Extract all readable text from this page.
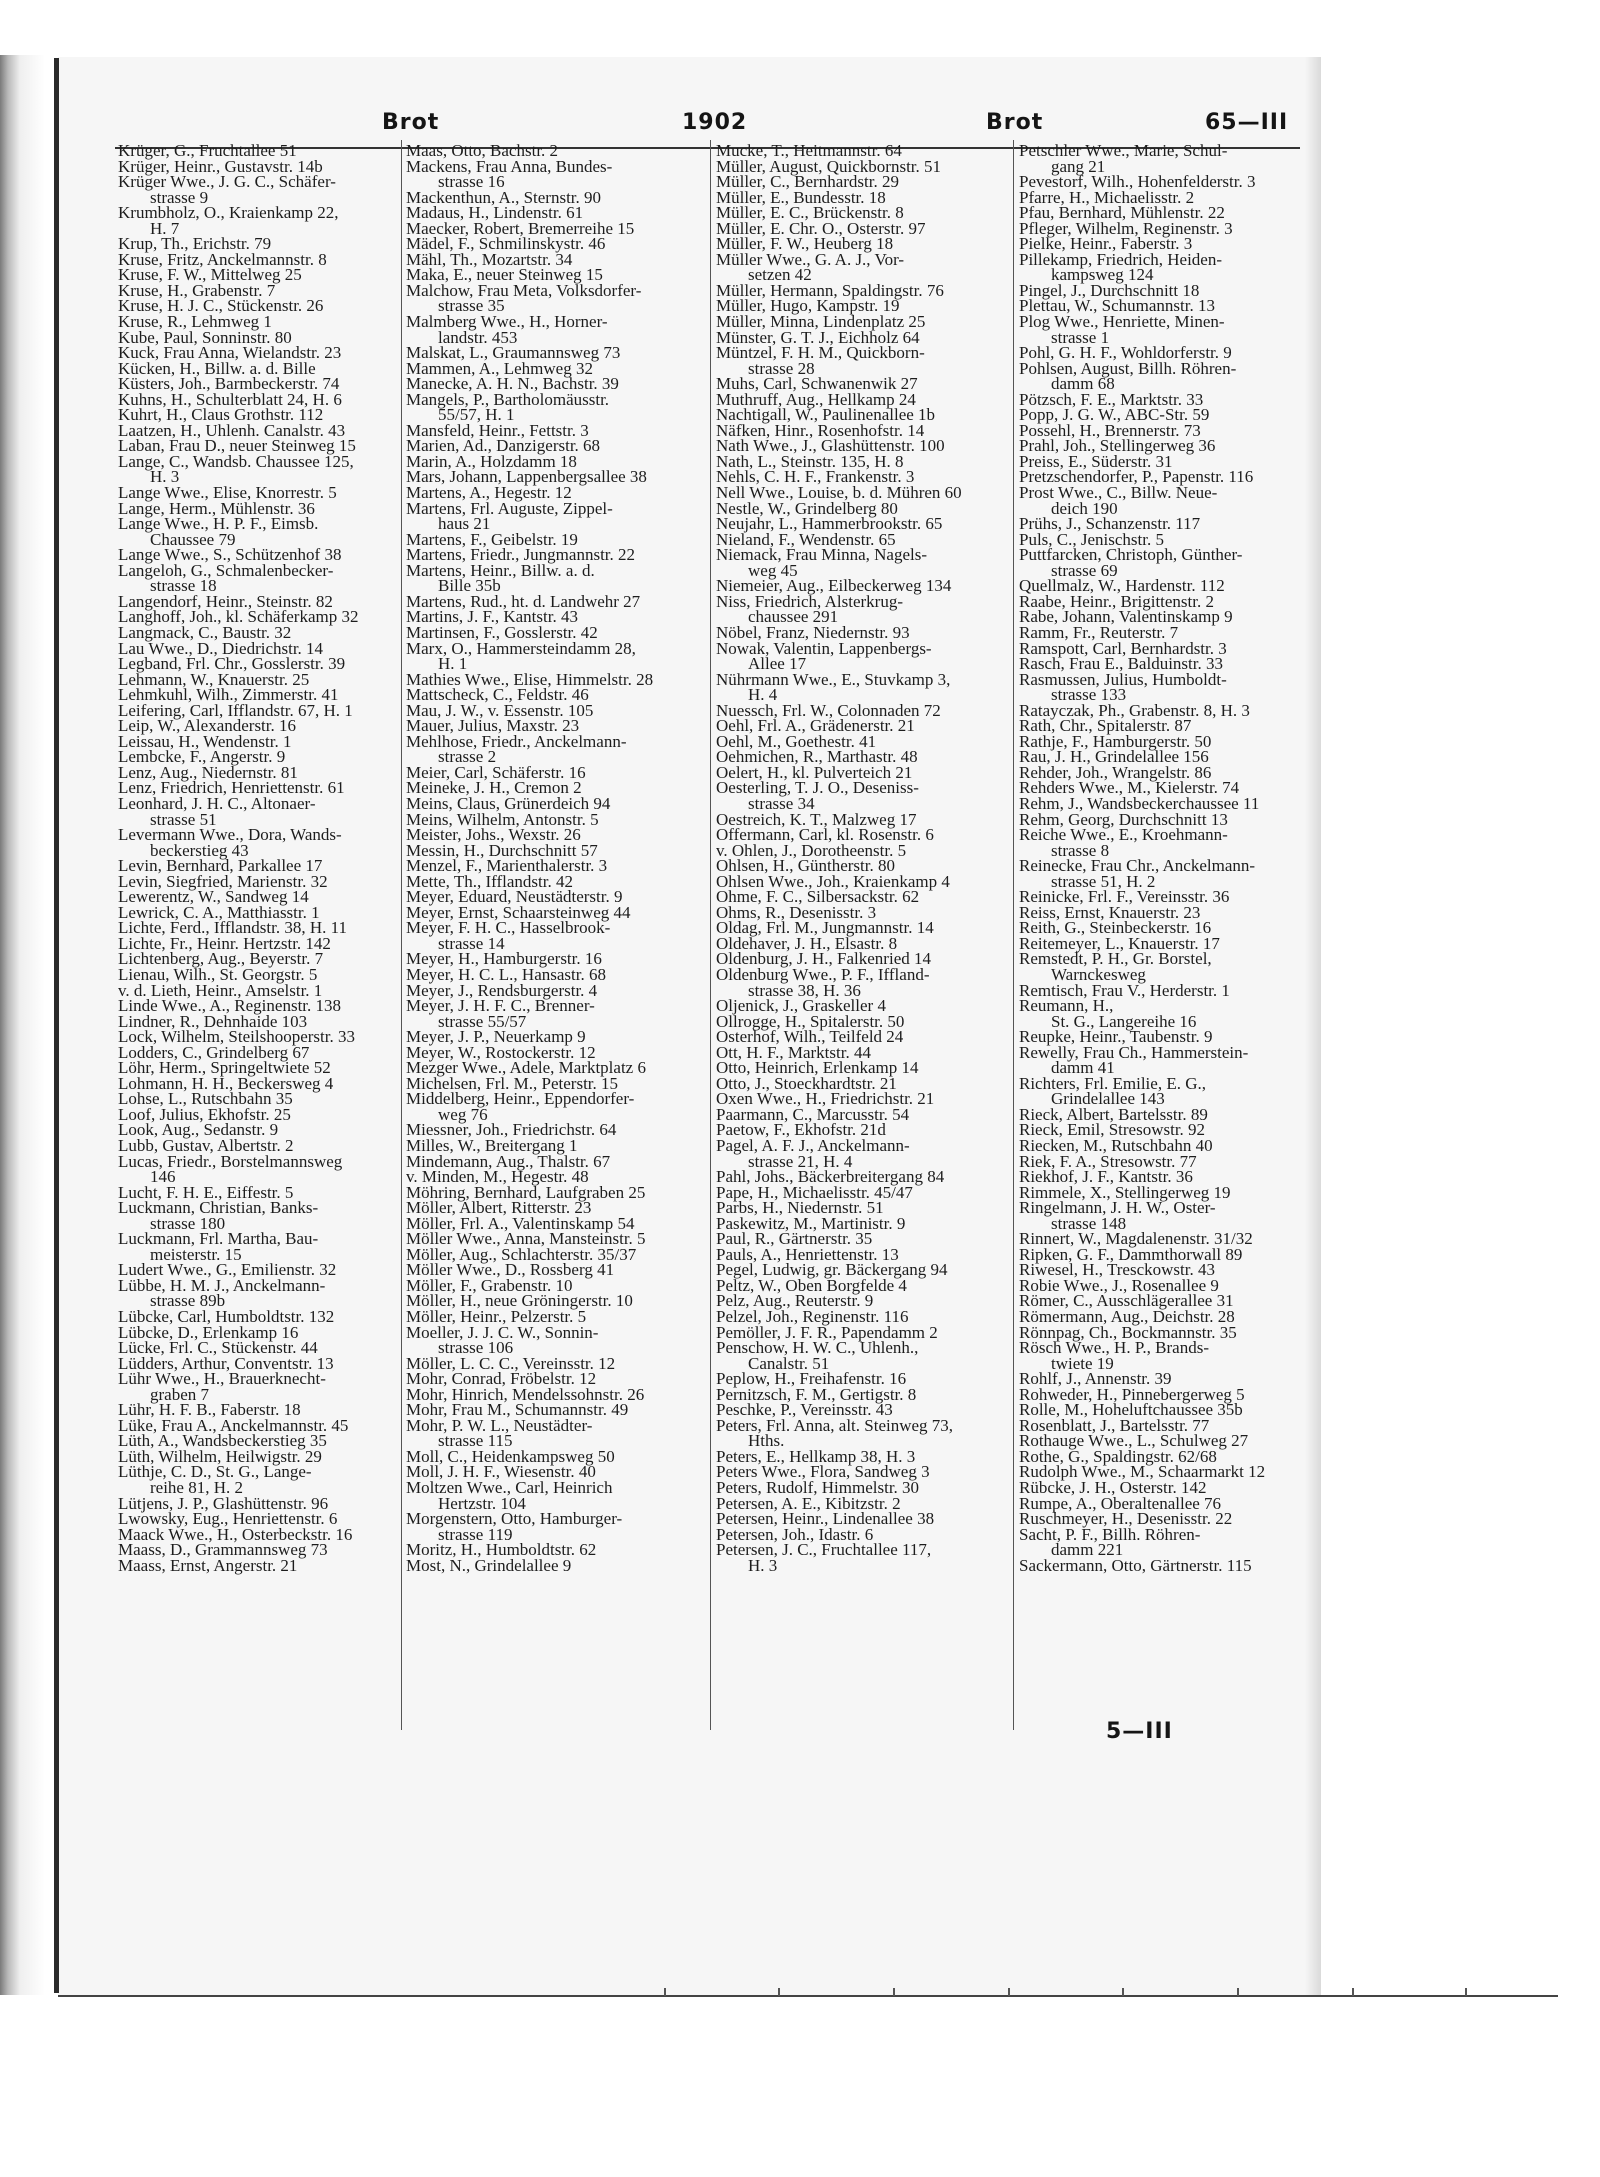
Brot	1902	Brot	65—III
Krüger, G., Fruchtallee 51
Krüger, Heinr., Gustavstr. 14b
Krüger Wwe., J. G. C., Schäfer-
strasse 9
Krumbholz, O., Kraienkamp 22,
H. 7
Krup, Th., Erichstr. 79
Kruse, Fritz, Anckelmannstr. 8
Kruse, F. W., Mittelweg 25
Kruse, H., Grabenstr. 7
Kruse, H. J. C., Stückenstr. 26
Kruse, R., Lehmweg 1
Kube, Paul, Sonninstr. 80
Kuck, Frau Anna, Wielandstr. 23
Kücken, H., Billw. a. d. Bille
Küsters, Joh., Barmbeckerstr. 74
Kuhns, H., Schulterblatt 24, H. 6
Kuhrt, H., Claus Grothstr. 112
Laatzen, H., Uhlenh. Canalstr. 43
Laban, Frau D., neuer Steinweg 15
Lange, C., Wandsb. Chaussee 125,
H. 3
Lange Wwe., Elise, Knorrestr. 5
Lange, Herm., Mühlenstr. 36
Lange Wwe., H. P. F., Eimsb.
Chaussee 79
Lange Wwe., S., Schützenhof 38
Langeloh, G., Schmalenbecker-
strasse 18
Langendorf, Heinr., Steinstr. 82
Langhoff, Joh., kl. Schäferkamp 32
Langmack, C., Baustr. 32
Lau Wwe., D., Diedrichstr. 14
Legband, Frl. Chr., Gosslerstr. 39
Lehmann, W., Knauerstr. 25
Lehmkuhl, Wilh., Zimmerstr. 41
Leifering, Carl, Ifflandstr. 67, H. 1
Leip, W., Alexanderstr. 16
Leissau, H., Wendenstr. 1
Lembcke, F., Angerstr. 9
Lenz, Aug., Niedernstr. 81
Lenz, Friedrich, Henriettenstr. 61
Leonhard, J. H. C., Altonaer-
strasse 51
Levermann Wwe., Dora, Wands-
beckerstieg 43
Levin, Bernhard, Parkallee 17
Levin, Siegfried, Marienstr. 32
Lewerentz, W., Sandweg 14
Lewrick, C. A., Matthiasstr. 1
Lichte, Ferd., Ifflandstr. 38, H. 11
Lichte, Fr., Heinr. Hertzstr. 142
Lichtenberg, Aug., Beyerstr. 7
Lienau, Wilh., St. Georgstr. 5
v. d. Lieth, Heinr., Amselstr. 1
Linde Wwe., A., Reginenstr. 138
Lindner, R., Dehnhaide 103
Lock, Wilhelm, Steilshooperstr. 33
Lodders, C., Grindelberg 67
Löhr, Herm., Springeltwiete 52
Lohmann, H. H., Beckersweg 4
Lohse, L., Rutschbahn 35
Loof, Julius, Ekhofstr. 25
Look, Aug., Sedanstr. 9
Lubb, Gustav, Albertstr. 2
Lucas, Friedr., Borstelmannsweg
146
Lucht, F. H. E., Eiffestr. 5
Luckmann, Christian, Banks-
strasse 180
Luckmann, Frl. Martha, Bau-
meisterstr. 15
Ludert Wwe., G., Emilienstr. 32
Lübbe, H. M. J., Anckelmann-
strasse 89b
Lübcke, Carl, Humboldtstr. 132
Lübcke, D., Erlenkamp 16
Lücke, Frl. C., Stückenstr. 44
Lüdders, Arthur, Conventstr. 13
Lühr Wwe., H., Brauerknecht-
graben 7
Lühr, H. F. B., Faberstr. 18
Lüke, Frau A., Anckelmannstr. 45
Lüth, A., Wandsbeckerstieg 35
Lüth, Wilhelm, Heilwigstr. 29
Lüthje, C. D., St. G., Lange-
reihe 81, H. 2
Lütjens, J. P., Glashüttenstr. 96
Lwowsky, Eug., Henriettenstr. 6
Maack Wwe., H., Osterbeckstr. 16
Maass, D., Grammannsweg 73
Maass, Ernst, Angerstr. 21
Maas, Otto, Bachstr. 2
Mackens, Frau Anna, Bundes-
strasse 16
Mackenthun, A., Sternstr. 90
Madaus, H., Lindenstr. 61
Maecker, Robert, Bremerreihe 15
Mädel, F., Schmilinskystr. 46
Mähl, Th., Mozartstr. 34
Maka, E., neuer Steinweg 15
Malchow, Frau Meta, Volksdorfer-
strasse 35
Malmberg Wwe., H., Horner-
landstr. 453
Malskat, L., Graumannsweg 73
Mammen, A., Lehmweg 32
Manecke, A. H. N., Bachstr. 39
Mangels, P., Bartholomäusstr.
55/57, H. 1
Mansfeld, Heinr., Fettstr. 3
Marien, Ad., Danzigerstr. 68
Marin, A., Holzdamm 18
Mars, Johann, Lappenbergsallee 38
Martens, A., Hegestr. 12
Martens, Frl. Auguste, Zippel-
haus 21
Martens, F., Geibelstr. 19
Martens, Friedr., Jungmannstr. 22
Martens, Heinr., Billw. a. d.
Bille 35b
Martens, Rud., ht. d. Landwehr 27
Martins, J. F., Kantstr. 43
Martinsen, F., Gosslerstr. 42
Marx, O., Hammersteindamm 28,
H. 1
Mathies Wwe., Elise, Himmelstr. 28
Mattscheck, C., Feldstr. 46
Mau, J. W., v. Essenstr. 105
Mauer, Julius, Maxstr. 23
Mehlhose, Friedr., Anckelmann-
strasse 2
Meier, Carl, Schäferstr. 16
Meineke, J. H., Cremon 2
Meins, Claus, Grünerdeich 94
Meins, Wilhelm, Antonstr. 5
Meister, Johs., Wexstr. 26
Messin, H., Durchschnitt 57
Menzel, F., Marienthalerstr. 3
Mette, Th., Ifflandstr. 42
Meyer, Eduard, Neustädterstr. 9
Meyer, Ernst, Schaarsteinweg 44
Meyer, F. H. C., Hasselbrook-
strasse 14
Meyer, H., Hamburgerstr. 16
Meyer, H. C. L., Hansastr. 68
Meyer, J., Rendsburgerstr. 4
Meyer, J. H. F. C., Brenner-
strasse 55/57
Meyer, J. P., Neuerkamp 9
Meyer, W., Rostockerstr. 12
Mezger Wwe., Adele, Marktplatz 6
Michelsen, Frl. M., Peterstr. 15
Middelberg, Heinr., Eppendorfer-
weg 76
Miessner, Joh., Friedrichstr. 64
Milles, W., Breitergang 1
Mindemann, Aug., Thalstr. 67
v. Minden, M., Hegestr. 48
Möhring, Bernhard, Laufgraben 25
Möller, Albert, Ritterstr. 23
Möller, Frl. A., Valentinskamp 54
Möller Wwe., Anna, Mansteinstr. 5
Möller, Aug., Schlachterstr. 35/37
Möller Wwe., D., Rossberg 41
Möller, F., Grabenstr. 10
Möller, H., neue Gröningerstr. 10
Möller, Heinr., Pelzerstr. 5
Moeller, J. J. C. W., Sonnin-
strasse 106
Möller, L. C. C., Vereinsstr. 12
Mohr, Conrad, Fröbelstr. 12
Mohr, Hinrich, Mendelssohnstr. 26
Mohr, Frau M., Schumannstr. 49
Mohr, P. W. L., Neustädter-
strasse 115
Moll, C., Heidenkampsweg 50
Moll, J. H. F., Wiesenstr. 40
Moltzen Wwe., Carl, Heinrich
Hertzstr. 104
Morgenstern, Otto, Hamburger-
strasse 119
Moritz, H., Humboldtstr. 62
Most, N., Grindelallee 9
Mucke, T., Heitmannstr. 64
Müller, August, Quickbornstr. 51
Müller, C., Bernhardstr. 29
Müller, E., Bundesstr. 18
Müller, E. C., Brückenstr. 8
Müller, E. Chr. O., Osterstr. 97
Müller, F. W., Heuberg 18
Müller Wwe., G. A. J., Vor-
setzen 42
Müller, Hermann, Spaldingstr. 76
Müller, Hugo, Kampstr. 19
Müller, Minna, Lindenplatz 25
Münster, G. T. J., Eichholz 64
Müntzel, F. H. M., Quickborn-
strasse 28
Muhs, Carl, Schwanenwik 27
Muthruff, Aug., Hellkamp 24
Nachtigall, W., Paulinenallee 1b
Näfken, Hinr., Rosenhofstr. 14
Nath Wwe., J., Glashüttenstr. 100
Nath, L., Steinstr. 135, H. 8
Nehls, C. H. F., Frankenstr. 3
Nell Wwe., Louise, b. d. Mühren 60
Nestle, W., Grindelberg 80
Neujahr, L., Hammerbrookstr. 65
Nieland, F., Wendenstr. 65
Niemack, Frau Minna, Nagels-
weg 45
Niemeier, Aug., Eilbeckerweg 134
Niss, Friedrich, Alsterkrug-
chaussee 291
Nöbel, Franz, Niedernstr. 93
Nowak, Valentin, Lappenbergs-
Allee 17
Nührmann Wwe., E., Stuvkamp 3,
H. 4
Nuessch, Frl. W., Colonnaden 72
Oehl, Frl. A., Grädenerstr. 21
Oehl, M., Goethestr. 41
Oehmichen, R., Marthastr. 48
Oelert, H., kl. Pulverteich 21
Oesterling, T. J. O., Deseniss-
strasse 34
Oestreich, K. T., Malzweg 17
Offermann, Carl, kl. Rosenstr. 6
v. Ohlen, J., Dorotheenstr. 5
Ohlsen, H., Güntherstr. 80
Ohlsen Wwe., Joh., Kraienkamp 4
Ohme, F. C., Silbersackstr. 62
Ohms, R., Desenisstr. 3
Oldag, Frl. M., Jungmannstr. 14
Oldehaver, J. H., Elsastr. 8
Oldenburg, J. H., Falkenried 14
Oldenburg Wwe., P. F., Iffland-
strasse 38, H. 36
Oljenick, J., Graskeller 4
Ollrogge, H., Spitalerstr. 50
Osterhof, Wilh., Teilfeld 24
Ott, H. F., Marktstr. 44
Otto, Heinrich, Erlenkamp 14
Otto, J., Stoeckhardtstr. 21
Oxen Wwe., H., Friedrichstr. 21
Paarmann, C., Marcusstr. 54
Paetow, F., Ekhofstr. 21d
Pagel, A. F. J., Anckelmann-
strasse 21, H. 4
Pahl, Johs., Bäckerbreitergang 84
Pape, H., Michaelisstr. 45/47
Parbs, H., Niedernstr. 51
Paskewitz, M., Martinistr. 9
Paul, R., Gärtnerstr. 35
Pauls, A., Henriettenstr. 13
Pegel, Ludwig, gr. Bäckergang 94
Peltz, W., Oben Borgfelde 4
Pelz, Aug., Reuterstr. 9
Pelzel, Joh., Reginenstr. 116
Pemöller, J. F. R., Papendamm 2
Penschow, H. W. C., Uhlenh.,
Canalstr. 51
Peplow, H., Freihafenstr. 16
Pernitzsch, F. M., Gertigstr. 8
Peschke, P., Vereinsstr. 43
Peters, Frl. Anna, alt. Steinweg 73,
Hths.
Peters, E., Hellkamp 38, H. 3
Peters Wwe., Flora, Sandweg 3
Peters, Rudolf, Himmelstr. 30
Petersen, A. E., Kibitzstr. 2
Petersen, Heinr., Lindenallee 38
Petersen, Joh., Idastr. 6
Petersen, J. C., Fruchtallee 117,
H. 3
Petschler Wwe., Marie, Schul-
gang 21
Pevestorf, Wilh., Hohenfelderstr. 3
Pfarre, H., Michaelisstr. 2
Pfau, Bernhard, Mühlenstr. 22
Pfleger, Wilhelm, Reginenstr. 3
Pielke, Heinr., Faberstr. 3
Pillekamp, Friedrich, Heiden-
kampsweg 124
Pingel, J., Durchschnitt 18
Plettau, W., Schumannstr. 13
Plog Wwe., Henriette, Minen-
strasse 1
Pohl, G. H. F., Wohldorferstr. 9
Pohlsen, August, Billh. Röhren-
damm 68
Pötzsch, F. E., Marktstr. 33
Popp, J. G. W., ABC-Str. 59
Possehl, H., Brennerstr. 73
Prahl, Joh., Stellingerweg 36
Preiss, E., Süderstr. 31
Pretzschendorfer, P., Papenstr. 116
Prost Wwe., C., Billw. Neue-
deich 190
Prühs, J., Schanzenstr. 117
Puls, C., Jenischstr. 5
Puttfarcken, Christoph, Günther-
strasse 69
Quellmalz, W., Hardenstr. 112
Raabe, Heinr., Brigittenstr. 2
Rabe, Johann, Valentinskamp 9
Ramm, Fr., Reuterstr. 7
Ramspott, Carl, Bernhardstr. 3
Rasch, Frau E., Balduinstr. 33
Rasmussen, Julius, Humboldt-
strasse 133
Ratayczak, Ph., Grabenstr. 8, H. 3
Rath, Chr., Spitalerstr. 87
Rathje, F., Hamburgerstr. 50
Rau, J. H., Grindelallee 156
Rehder, Joh., Wrangelstr. 86
Rehders Wwe., M., Kielerstr. 74
Rehm, J., Wandsbeckerchaussee 11
Rehm, Georg, Durchschnitt 13
Reiche Wwe., E., Kroehmann-
strasse 8
Reinecke, Frau Chr., Anckelmann-
strasse 51, H. 2
Reinicke, Frl. F., Vereinsstr. 36
Reiss, Ernst, Knauerstr. 23
Reith, G., Steinbeckerstr. 16
Reitemeyer, L., Knauerstr. 17
Remstedt, P. H., Gr. Borstel,
Warnckesweg
Remtisch, Frau V., Herderstr. 1
Reumann, H.,
St. G., Langereihe 16
Reupke, Heinr., Taubenstr. 9
Rewelly, Frau Ch., Hammerstein-
damm 41
Richters, Frl. Emilie, E. G.,
Grindelallee 143
Rieck, Albert, Bartelsstr. 89
Rieck, Emil, Stresowstr. 92
Riecken, M., Rutschbahn 40
Riek, F. A., Stresowstr. 77
Riekhof, J. F., Kantstr. 36
Rimmele, X., Stellingerweg 19
Ringelmann, J. H. W., Oster-
strasse 148
Rinnert, W., Magdalenenstr. 31/32
Ripken, G. F., Dammthorwall 89
Riwesel, H., Tresckowstr. 43
Robie Wwe., J., Rosenallee 9
Römer, C., Ausschlägerallee 31
Römermann, Aug., Deichstr. 28
Rönnpag, Ch., Bockmannstr. 35
Rösch Wwe., H. P., Brands-
twiete 19
Rohlf, J., Annenstr. 39
Rohweder, H., Pinnebergerweg 5
Rolle, M., Hoheluftchaussee 35b
Rosenblatt, J., Bartelsstr. 77
Rothauge Wwe., L., Schulweg 27
Rothe, G., Spaldingstr. 62/68
Rudolph Wwe., M., Schaarmarkt 12
Rübcke, J. H., Osterstr. 142
Rumpe, A., Oberaltenallee 76
Ruschmeyer, H., Desenisstr. 22
Sacht, P. F., Billh. Röhren-
damm 221
Sackermann, Otto, Gärtnerstr. 115
5—III
